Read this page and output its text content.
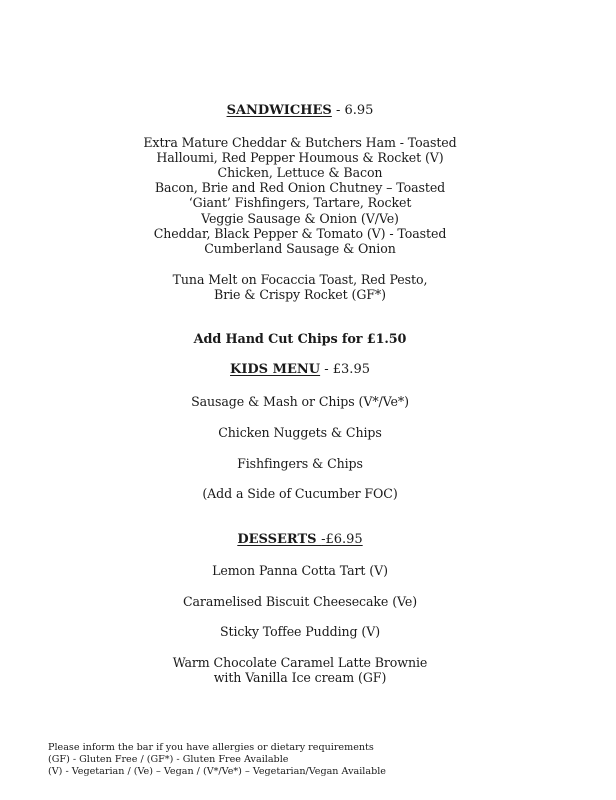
SANDWICHES - 6.95
Extra Mature Cheddar & Butchers Ham - Toasted
Halloumi, Red Pepper Houmous & Rocket (V)
Chicken, Lettuce & Bacon
Bacon, Brie and Red Onion Chutney – Toasted
‘Giant’ Fishfingers, Tartare, Rocket
Veggie Sausage & Onion (V/Ve)
Cheddar, Black Pepper & Tomato (V) - Toasted
Cumberland Sausage & Onion
Tuna Melt on Focaccia Toast, Red Pesto,
Brie & Crispy Rocket (GF*)
Add Hand Cut Chips for £1.50
KIDS MENU - £3.95
Sausage & Mash or Chips (V*/Ve*)
Chicken Nuggets & Chips
Fishfingers & Chips
(Add a Side of Cucumber FOC)
DESSERTS -£6.95
Lemon Panna Cotta Tart (V)
Caramelised Biscuit Cheesecake (Ve)
Sticky Toffee Pudding (V)
Warm Chocolate Caramel Latte Brownie
with Vanilla Ice cream (GF)
Please inform the bar if you have allergies or dietary requirements
(GF) - Gluten Free / (GF*) - Gluten Free Available
(V) - Vegetarian / (Ve) – Vegan / (V*/Ve*) – Vegetarian/Vegan Available
